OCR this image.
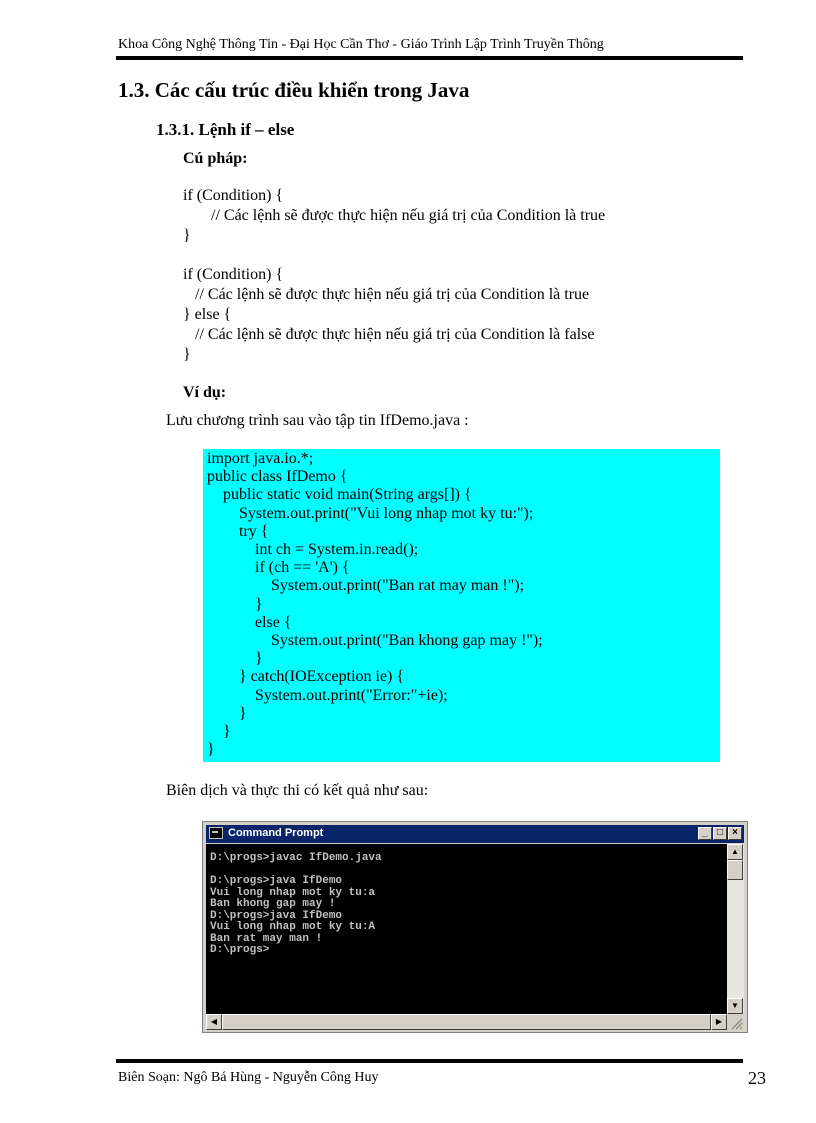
Khoa Công Nghệ Thông Tin - Đại Học Cần Thơ - Giáo Trình Lập Trình Truyền Thông
1.3. Các cấu trúc điều khiển trong Java
1.3.1. Lệnh if – else
Cú pháp:
if (Condition) {
// Các lệnh sẽ được thực hiện nếu giá trị của Condition là true
}
if (Condition) {
// Các lệnh sẽ được thực hiện nếu giá trị của Condition là true
} else {
// Các lệnh sẽ được thực hiện nếu giá trị của Condition là false
}
Ví dụ:
Lưu chương trình sau vào tập tin IfDemo.java :
import java.io.*;
public class IfDemo {
public static void main(String args[]) {
System.out.print("Vui long nhap mot ky tu:");
try {
int ch = System.in.read();
if (ch == 'A') {
System.out.print("Ban rat may man !");
}
else {
System.out.print("Ban khong gap may !");
}
} catch(IOException ie) {
System.out.print("Error:"+ie);
}
}
}
Biên dịch và thực thi có kết quả như sau:
Command Prompt	_ □ ×
D:\progs>javac IfDemo.java

D:\progs>java IfDemo
Vui long nhap mot ky tu:a
Ban khong gap may !
D:\progs>java IfDemo
Vui long nhap mot ky tu:A
Ban rat may man !
D:\progs>
▲
▼
◀	▶
Biên Soạn: Ngô Bá Hùng - Nguyễn Công Huy	23
